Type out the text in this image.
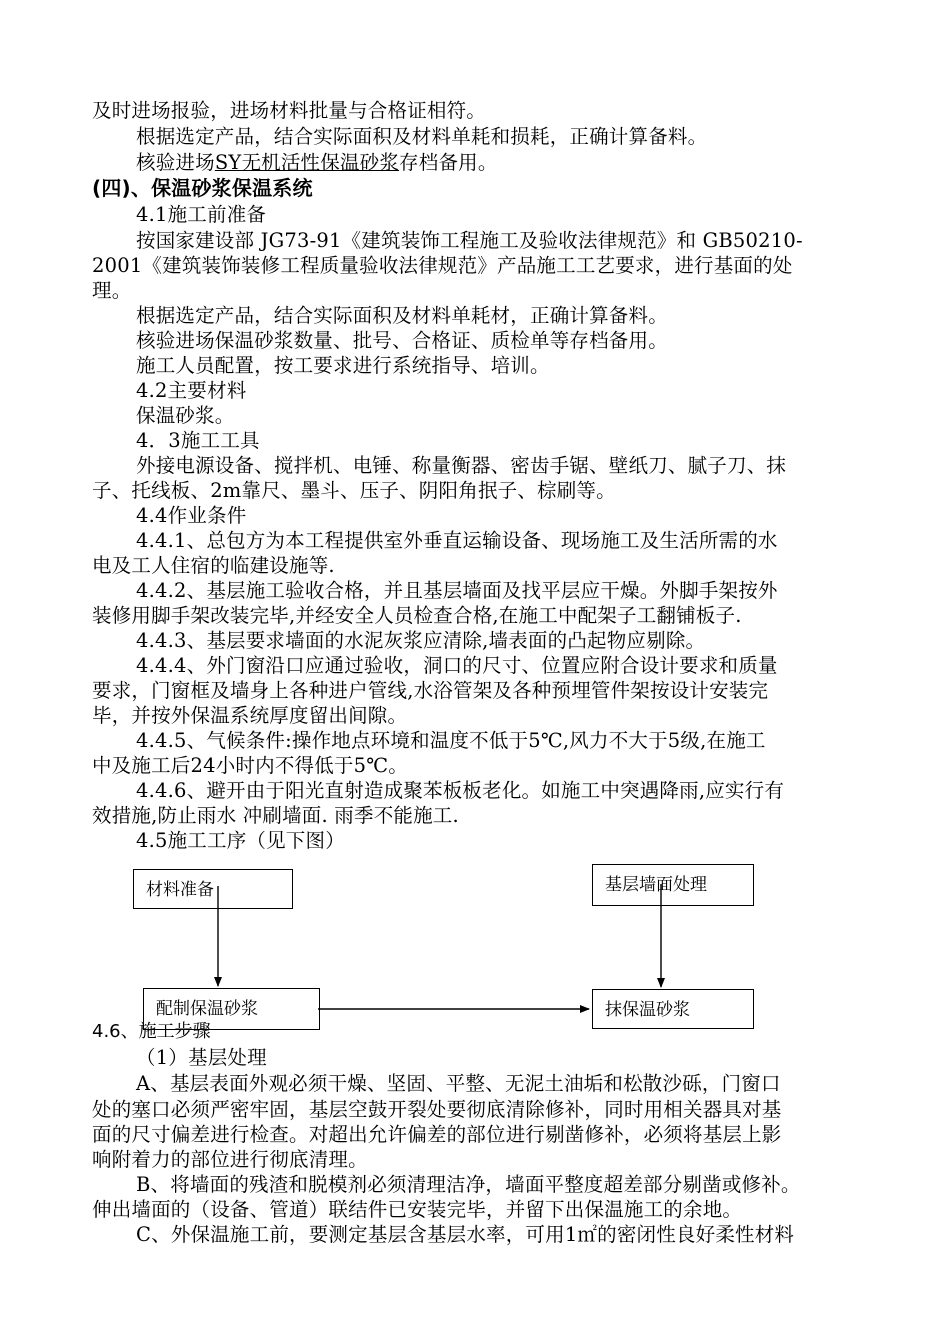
及时进场报验，进场材料批量与合格证相符。
根据选定产品，结合实际面积及材料单耗和损耗，正确计算备料。
核验进场SY无机活性保温砂浆存档备用。
(四)、保温砂浆保温系统
4.1施工前准备
按国家建设部 JG73-91《建筑装饰工程施工及验收法律规范》和 GB50210-
2001《建筑装饰装修工程质量验收法律规范》产品施工工艺要求，进行基面的处
理。
根据选定产品，结合实际面积及材料单耗材，正确计算备料。
核验进场保温砂浆数量、批号、合格证、质检单等存档备用。
施工人员配置，按工要求进行系统指导、培训。
4.2主要材料
保温砂浆。
4．3施工工具
外接电源设备、搅拌机、电锤、称量衡器、密齿手锯、壁纸刀、腻子刀、抹
子、托线板、2m靠尺、墨斗、压子、阴阳角抿子、棕刷等。
4.4作业条件
4.4.1、总包方为本工程提供室外垂直运输设备、现场施工及生活所需的水
电及工人住宿的临建设施等.
4.4.2、基层施工验收合格，并且基层墙面及找平层应干燥。外脚手架按外
装修用脚手架改装完毕,并经安全人员检查合格,在施工中配架子工翻铺板子.
4.4.3、基层要求墙面的水泥灰浆应清除,墙表面的凸起物应剔除。
4.4.4、外门窗沿口应通过验收，洞口的尺寸、位置应附合设计要求和质量
要求，门窗框及墙身上各种进户管线,水浴管架及各种预埋管件架按设计安装完
毕，并按外保温系统厚度留出间隙。
4.4.5、气候条件:操作地点环境和温度不低于5℃,风力不大于5级,在施工
中及施工后24小时内不得低于5℃。
4.4.6、避开由于阳光直射造成聚苯板板老化。如施工中突遇降雨,应实行有
效措施,防止雨水 冲刷墙面. 雨季不能施工.
4.5施工工序（见下图）
材料准备	基层墙面处理
配制保温砂浆	抹保温砂浆
4.6、施工步骤
（1）基层处理
A、基层表面外观必须干燥、坚固、平整、无泥土油垢和松散沙砾，门窗口
处的塞口必须严密牢固，基层空鼓开裂处要彻底清除修补，同时用相关器具对基
面的尺寸偏差进行检查。对超出允许偏差的部位进行剔凿修补，必须将基层上影
响附着力的部位进行彻底清理。
B、将墙面的残渣和脱模剂必须清理洁净，墙面平整度超差部分剔凿或修补。
伸出墙面的（设备、管道）联结件已安装完毕，并留下出保温施工的余地。
C、外保温施工前，要测定基层含基层水率，可用1㎡的密闭性良好柔性材料
